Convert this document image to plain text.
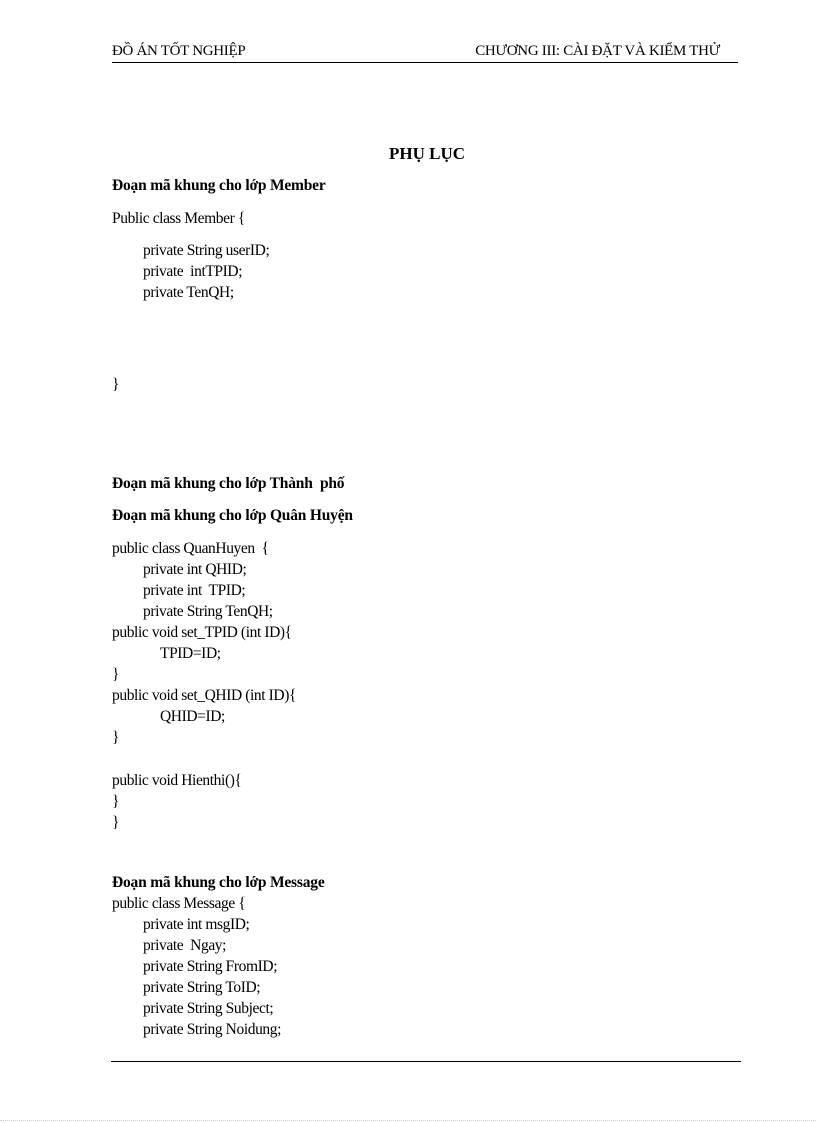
ĐỒ ÁN TỐT NGHIỆP	CHƯƠNG III: CÀI ĐẶT VÀ KIỂM THỬ
PHỤ LỤC
Đoạn mã khung cho lớp Member
Public class Member {
private String userID;
private  intTPID;
private TenQH;
}
Đoạn mã khung cho lớp Thành  phố
Đoạn mã khung cho lớp Quân Huyện
public class QuanHuyen  {
private int QHID;
private int  TPID;
private String TenQH;
public void set_TPID (int ID){
TPID=ID;
}
public void set_QHID (int ID){
QHID=ID;
}
public void Hienthi(){
}
}
Đoạn mã khung cho lớp Message
public class Message {
private int msgID;
private  Ngay;
private String FromID;
private String ToID;
private String Subject;
private String Noidung;
